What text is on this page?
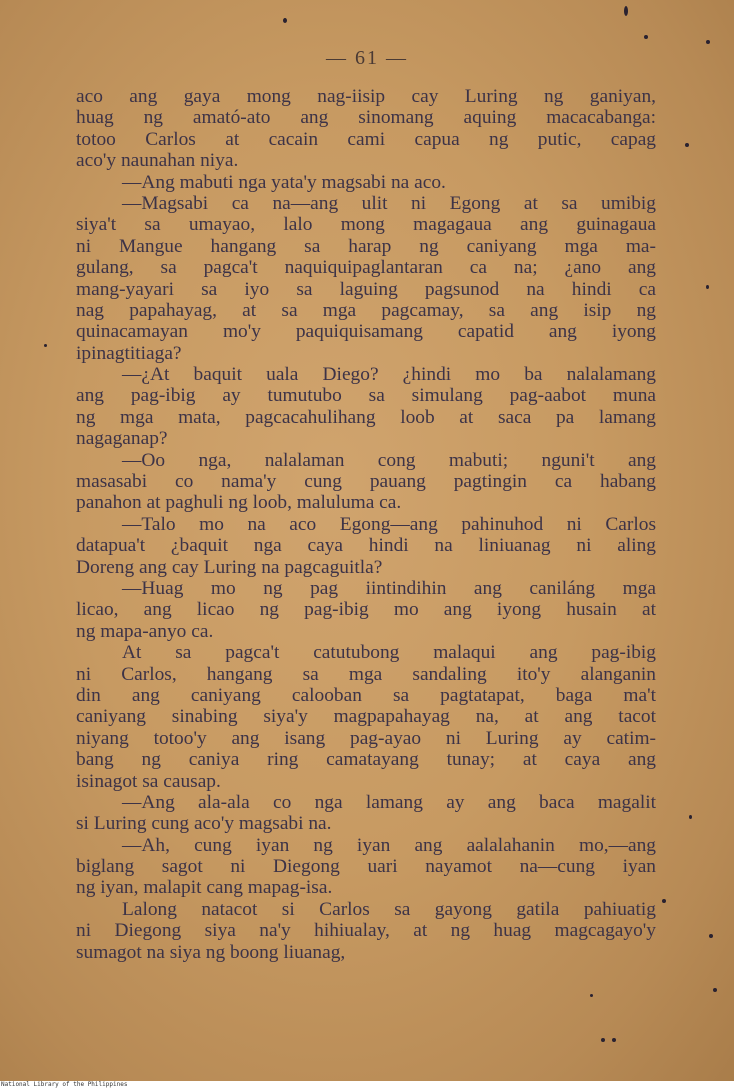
— 61 —
aco ang gaya mong nag-iisip cay Luring ng ganiyan,
huag ng amató-ato ang sinomang aquing macacabanga:
totoo Carlos at cacain cami capua ng putic, capag
aco'y naunahan niya.
—Ang mabuti nga yata'y magsabi na aco.
—Magsabi ca na—ang ulit ni Egong at sa umibig
siya't sa umayao, lalo mong magagaua ang guinagaua
ni Mangue hangang sa harap ng caniyang mga ma-
gulang, sa pagca't naquiquipaglantaran ca na; ¿ano ang
mang-yayari sa iyo sa laguing pagsunod na hindi ca
nag papahayag, at sa mga pagcamay, sa ang isip ng
quinacamayan mo'y paquiquisamang capatid ang iyong
ipinagtitiaga?
—¿At baquit uala Diego? ¿hindi mo ba nalalamang
ang pag-ibig ay tumutubo sa simulang pag-aabot muna
ng mga mata, pagcacahulihang loob at saca pa lamang
nagaganap?
—Oo nga, nalalaman cong mabuti; nguni't ang
masasabi co nama'y cung pauang pagtingin ca habang
panahon at paghuli ng loob, maluluma ca.
—Talo mo na aco Egong—ang pahinuhod ni Carlos
datapua't ¿baquit nga caya hindi na liniuanag ni aling
Doreng ang cay Luring na pagcaguitla?
—Huag mo ng pag iintindihin ang caniláng mga
licao, ang licao ng pag-ibig mo ang iyong husain at
ng mapa-anyo ca.
At sa pagca't catutubong malaqui ang pag-ibig
ni Carlos, hangang sa mga sandaling ito'y alanganin
din ang caniyang calooban sa pagtatapat, baga ma't
caniyang sinabing siya'y magpapahayag na, at ang tacot
niyang totoo'y ang isang pag-ayao ni Luring ay catim-
bang ng caniya ring camatayang tunay; at caya ang
isinagot sa causap.
—Ang ala-ala co nga lamang ay ang baca magalit
si Luring cung aco'y magsabi na.
—Ah, cung iyan ng iyan ang aalalahanin mo,—ang
biglang sagot ni Diegong uari nayamot na—cung iyan
ng iyan, malapit cang mapag-isa.
Lalong natacot si Carlos sa gayong gatila pahiuatig
ni Diegong siya na'y hihiualay, at ng huag magcagayo'y
sumagot na siya ng boong liuanag,
National Library of the Philippines
